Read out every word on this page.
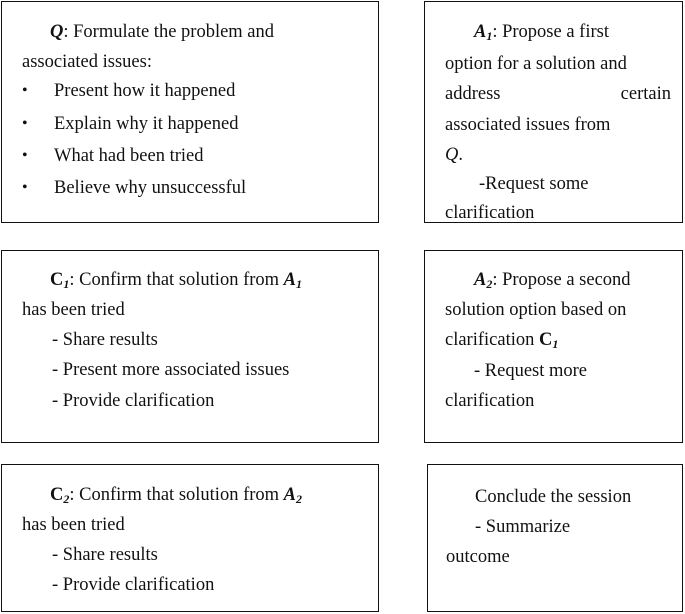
Q: Formulate the problem and
associated issues:
• Present how it happened
• Explain why it happened
• What had been tried
• Believe why unsuccessful
$A_1$: Propose a first
option for a solution and
address	certain
associated issues from
Q.
-Request some
clarification
$C_1$: Confirm that solution from $A_1$
has been tried
- Share results
- Present more associated issues
- Provide clarification
$A_2$: Propose a second
solution option based on
clarification $C_1$
- Request more
clarification
$C_2$: Confirm that solution from $A_2$
has been tried
- Share results
- Provide clarification
Conclude the session
- Summarize
outcome
